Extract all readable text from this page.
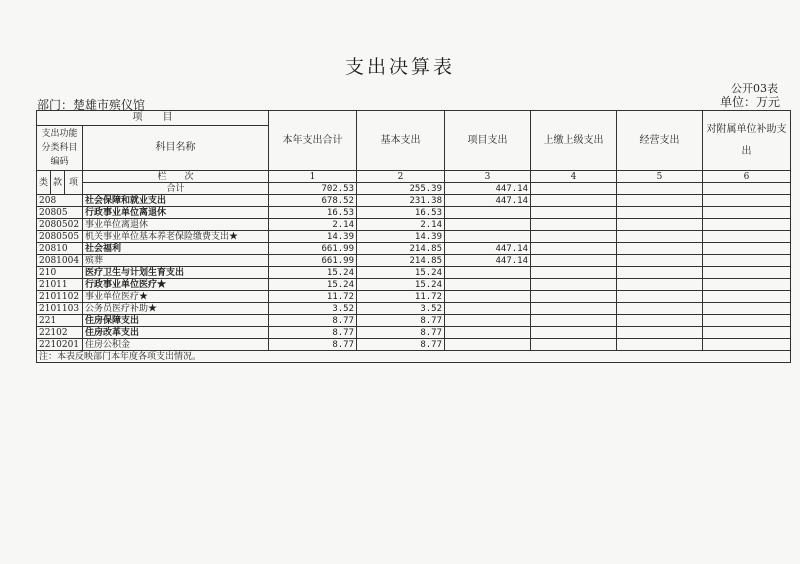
支出决算表
公开03表
部门：楚雄市殡仪馆	单位：万元
项　　目				本年支出合计	基本支出	项目支出	上缴上级支出	经营支出	对附属单位补助支出
支出功能分类科目编码			科目名称						
类	款	项	栏　　次	1	2	3	4	5	6
			合计	702.53	255.39	447.14			
208			社会保障和就业支出	678.52	231.38	447.14			
20805			行政事业单位离退休	16.53	16.53				
2080502			事业单位离退休	2.14	2.14				
2080505			机关事业单位基本养老保险缴费支出★	14.39	14.39				
20810			社会福利	661.99	214.85	447.14			
2081004			殡葬	661.99	214.85	447.14			
210			医疗卫生与计划生育支出	15.24	15.24				
21011			行政事业单位医疗★	15.24	15.24				
2101102			事业单位医疗★	11.72	11.72				
2101103			公务员医疗补助★	3.52	3.52				
221			住房保障支出	8.77	8.77				
22102			住房改革支出	8.77	8.77				
2210201			住房公积金	8.77	8.77				
注：本表反映部门本年度各项支出情况。									
